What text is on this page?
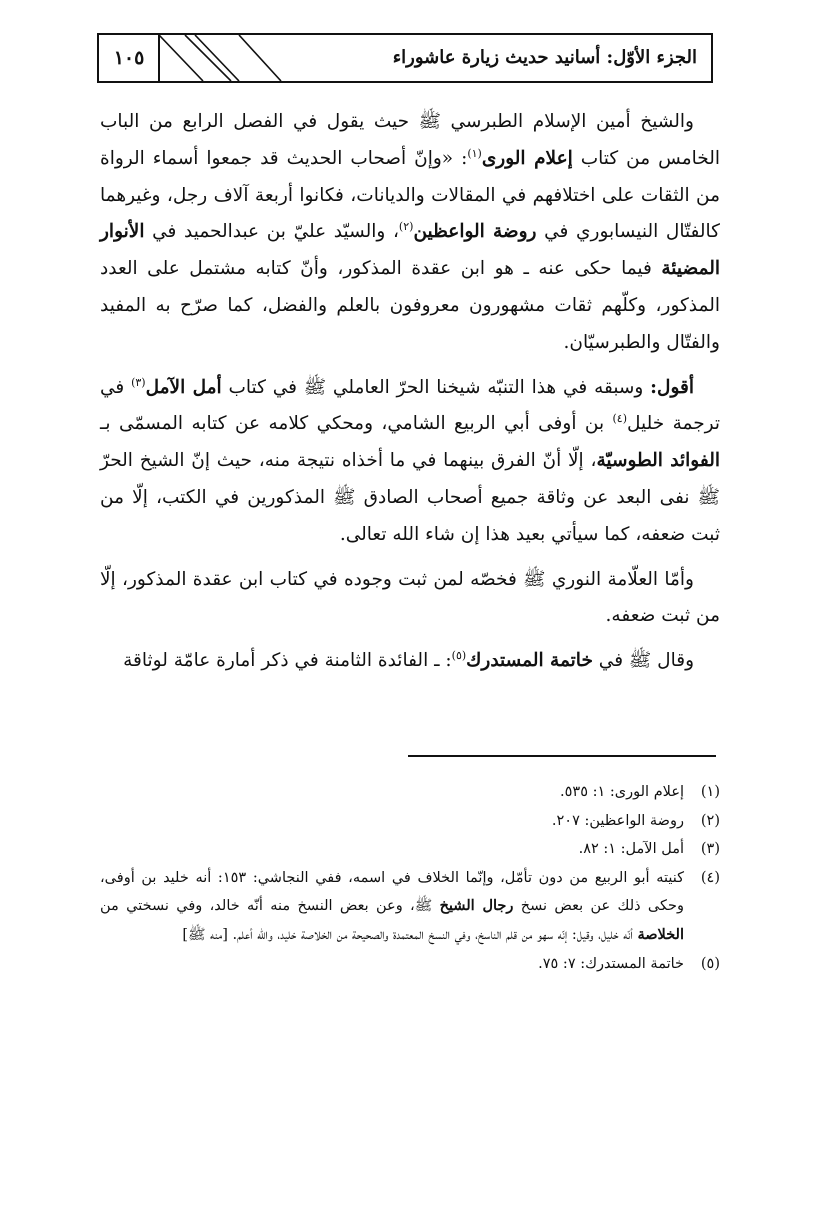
١٠٥	الجزء الأوّل: أسانيد حديث زيارة عاشوراء

والشيخ أمين الإسلام الطبرسي ﷺ حيث يقول في الفصل الرابع من الباب الخامس من كتاب إعلام الورى$^{(١)}$: «وإنّ أصحاب الحديث قد جمعوا أسماء الرواة من الثقات على اختلافهم في المقالات والديانات، فكانوا أربعة آلاف رجل، وغيرهما كالفتّال النيسابوري في روضة الواعظين$^{(٢)}$، والسيّد عليّ بن عبدالحميد في الأنوار المضيئة فيما حكى عنه ـ هو ابن عقدة المذكور، وأنّ كتابه مشتمل على العدد المذكور، وكلّهم ثقات مشهورون معروفون بالعلم والفضل، كما صرّح به المفيد والفتّال والطبرسيّان.

أقول: وسبقه في هذا التنبّه شيخنا الحرّ العاملي ﷺ في كتاب أمل الآمل$^{(٣)}$ في ترجمة خليل$^{(٤)}$ بن أوفى أبي الربيع الشامي، ومحكي كلامه عن كتابه المسمّى بـ الفوائد الطوسيّة، إلّا أنّ الفرق بينهما في ما أخذاه نتيجة منه، حيث إنّ الشيخ الحرّ ﷺ نفى البعد عن وثاقة جميع أصحاب الصادق ﷺ المذكورين في الكتب، إلّا من ثبت ضعفه، كما سيأتي بعيد هذا إن شاء الله تعالى.

وأمّا العلّامة النوري ﷺ فخصّه لمن ثبت وجوده في كتاب ابن عقدة المذكور، إلّا من ثبت ضعفه.

وقال ﷺ في خاتمة المستدرك$^{(٥)}$: ـ الفائدة الثامنة في ذكر أمارة عامّة لوثاقة

(١)
إعلام الورى: ١: ٥٣٥.
(٢)
روضة الواعظين: ٢٠٧.
(٣)
أمل الآمل: ١: ٨٢.
(٤)
كنيته أبو الربيع من دون تأمّل، وإنّما الخلاف في اسمه، ففي النجاشي: ١٥٣: أنه خليد بن أوفى، وحكى ذلك عن بعض نسخ رجال الشيخ ﷺ، وعن بعض النسخ منه أنّه خالد، وفي نسختي من الخلاصة أنّه خليل، وقيل: إنّه سهو من قلم الناسخ، وفي النسخ المعتمدة والصحيحة من الخلاصة خليد، والله أعلم. [منه ﷺ]
(٥)
خاتمة المستدرك: ٧: ٧٥.
